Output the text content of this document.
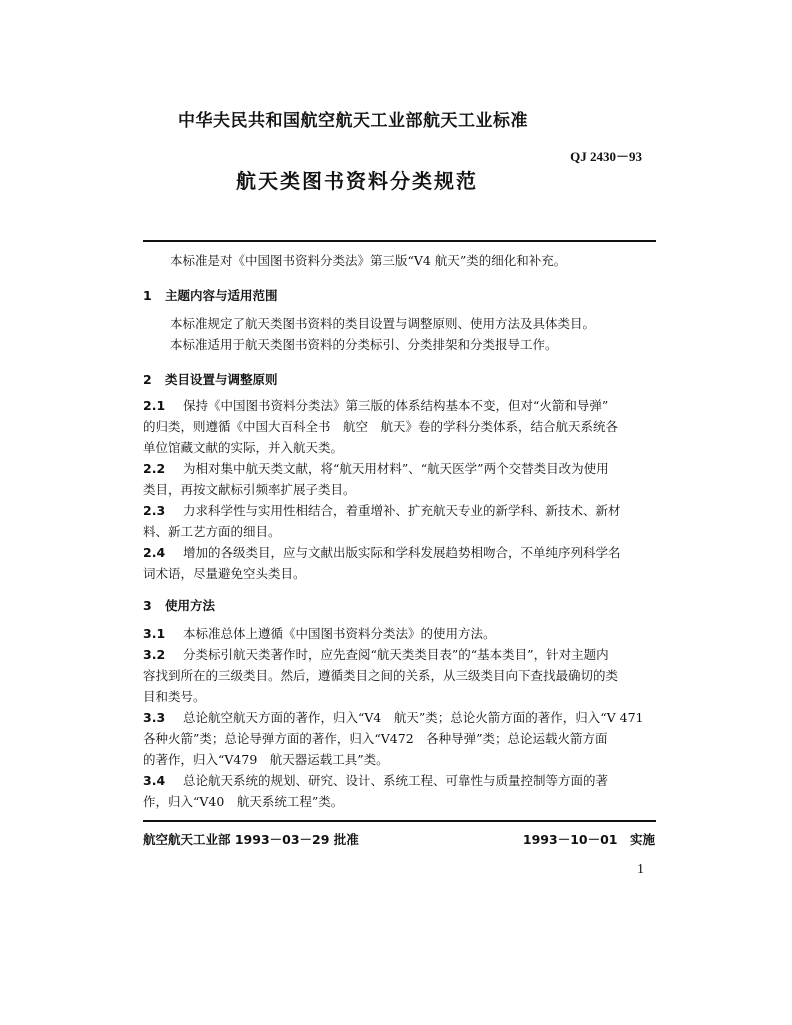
中华夫民共和国航空航天工业部航天工业标准
QJ 2430－93
航天类图书资料分类规范
本标准是对《中国图书资料分类法》第三版“V4 航天”类的细化和补充。
1 主题内容与适用范围
本标准规定了航天类图书资料的类目设置与调整原则、使用方法及具体类目。
本标准适用于航天类图书资料的分类标引、分类排架和分类报导工作。
2 类目设置与调整原则
2.1 保持《中国图书资料分类法》第三版的体系结构基本不变，但对“火箭和导弹”
的归类，则遵循《中国大百科全书　航空　航天》卷的学科分类体系，结合航天系统各
单位馆藏文献的实际，并入航天类。
2.2 为相对集中航天类文献，将“航天用材料”、“航天医学”两个交替类目改为使用
类目，再按文献标引频率扩展子类目。
2.3 力求科学性与实用性相结合，着重增补、扩充航天专业的新学科、新技术、新材
料、新工艺方面的细目。
2.4 增加的各级类目，应与文献出版实际和学科发展趋势相吻合，不单纯序列科学名
词术语，尽量避免空头类目。
3 使用方法
3.1 本标准总体上遵循《中国图书资料分类法》的使用方法。
3.2 分类标引航天类著作时，应先查阅“航天类类目表”的“基本类目”，针对主题内
容找到所在的三级类目。然后，遵循类目之间的关系，从三级类目向下查找最确切的类
目和类号。
3.3 总论航空航天方面的著作，归入“V4　航天”类；总论火箭方面的著作，归入“V 471
各种火箭”类；总论导弹方面的著作，归入“V472　各种导弹”类；总论运载火箭方面
的著作，归入“V479　航天器运载工具”类。
3.4 总论航天系统的规划、研究、设计、系统工程、可靠性与质量控制等方面的著
作，归入“V40　航天系统工程”类。
航空航天工业部 1993－03－29 批准	1993－10－01　实施
1
